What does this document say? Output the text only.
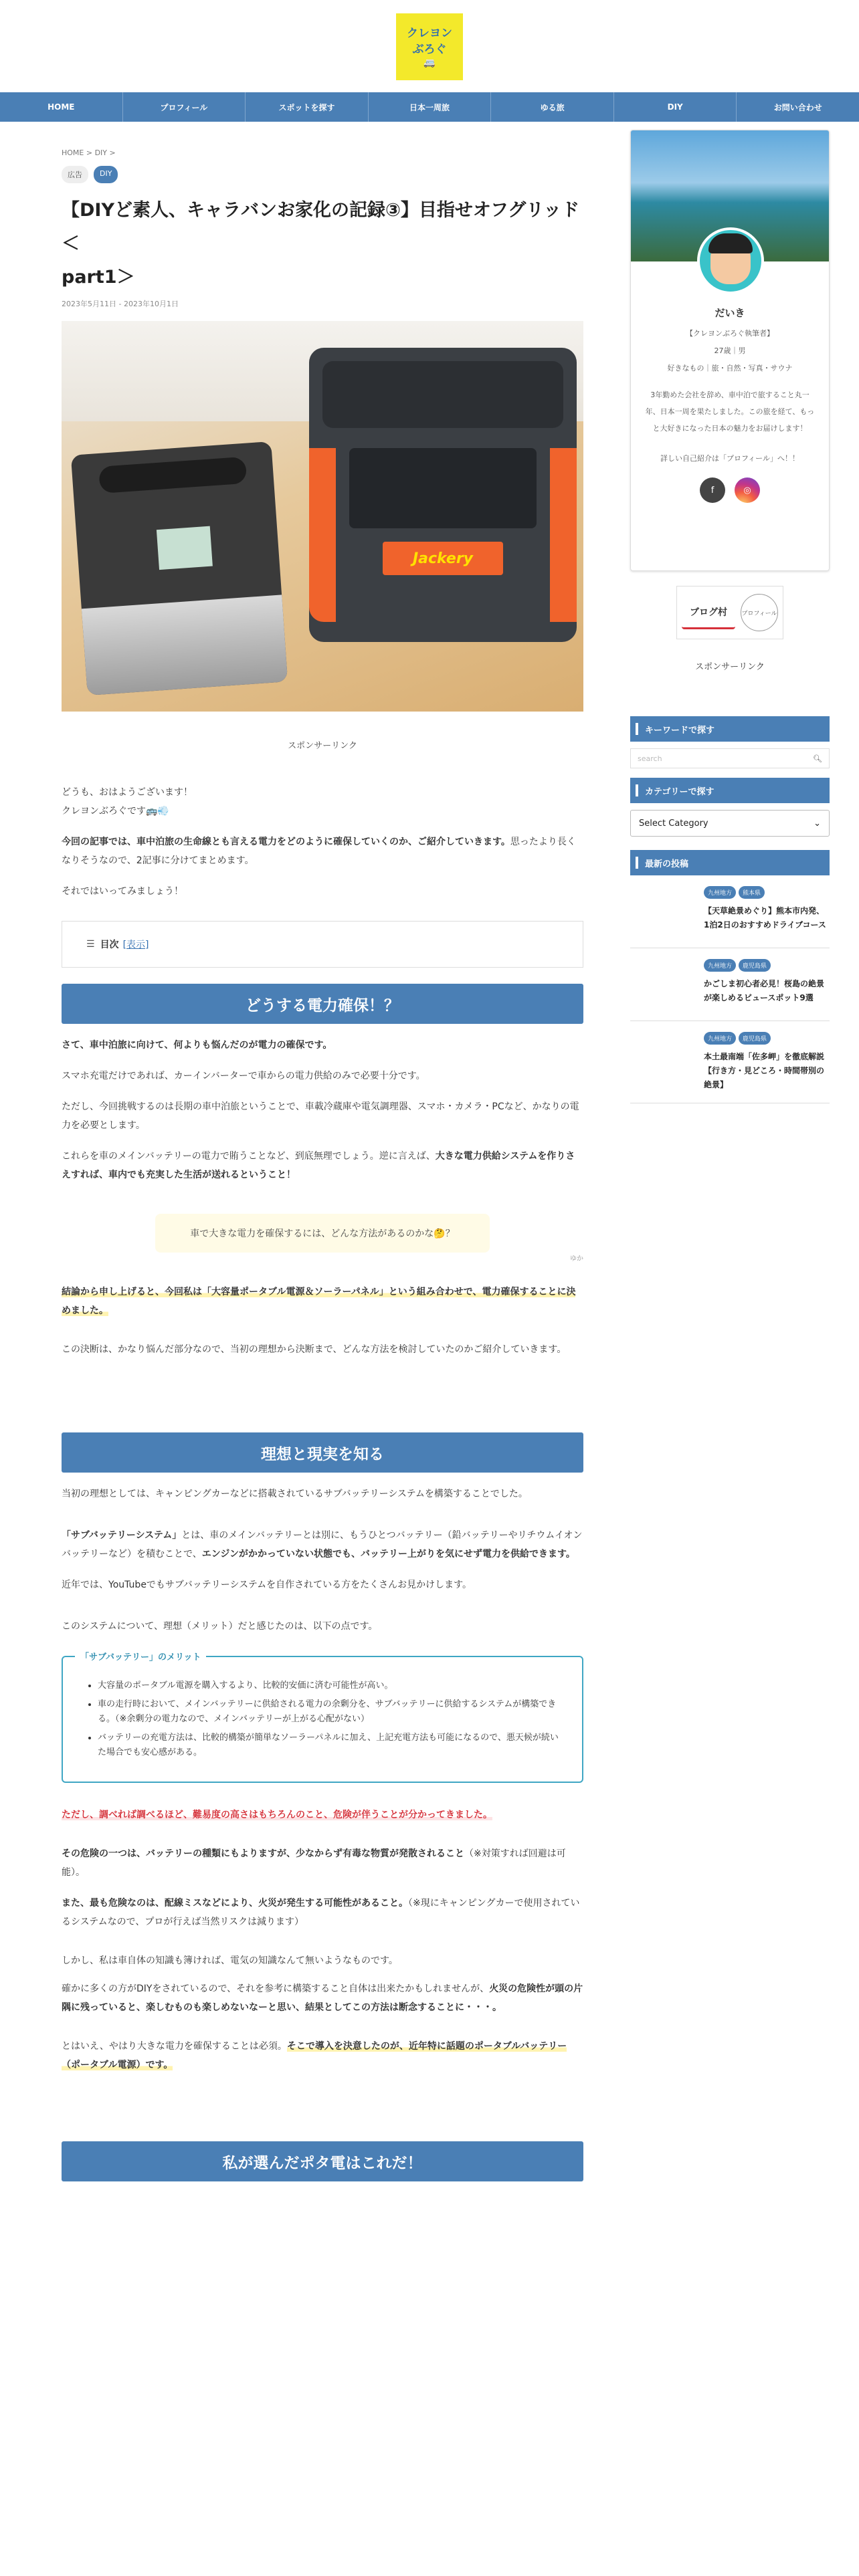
クレヨン
ぶろぐ
🚐
HOME	プロフィール	スポットを探す	日本一周旅	ゆる旅	DIY	お問い合わせ
HOME > DIY >
広告	DIY
【DIYど素人、キャラバンお家化の記録③】目指せオフグリッド＜
part1＞
2023年5月11日 - 2023年10月1日
Jackery
スポンサーリンク

どうも、おはようございます！

クレヨンぶろぐです🚌💨

今回の記事では、車中泊旅の生命線とも言える電力をどのように確保していくのか、ご紹介していきます。思ったより長くなりそうなので、2記事に分けてまとめます。

それではいってみましょう！

☰ 目次 [表示]
どうする電力確保！？

さて、車中泊旅に向けて、何よりも悩んだのが電力の確保です。

スマホ充電だけであれば、カーインバーターで車からの電力供給のみで必要十分です。

ただし、今回挑戦するのは長期の車中泊旅ということで、車載冷蔵庫や電気調理器、スマホ・カメラ・PCなど、かなりの電力を必要とします。

これらを車のメインバッテリーの電力で賄うことなど、到底無理でしょう。逆に言えば、大きな電力供給システムを作りさえすれば、車内でも充実した生活が送れるということ！

車で大きな電力を確保するには、どんな方法があるのかな🤔？
ゆか

結論から申し上げると、今回私は「大容量ポータブル電源＆ソーラーパネル」という組み合わせで、電力確保することに決めました。

この決断は、かなり悩んだ部分なので、当初の理想から決断まで、どんな方法を検討していたのかご紹介していきます。

理想と現実を知る

当初の理想としては、キャンピングカーなどに搭載されているサブバッテリーシステムを構築することでした。

「サブバッテリーシステム」とは、車のメインバッテリーとは別に、もうひとつバッテリー（鉛バッテリーやリチウムイオンバッテリーなど）を積むことで、エンジンがかかっていない状態でも、バッテリー上がりを気にせず電力を供給できます。

近年では、YouTubeでもサブバッテリーシステムを自作されている方をたくさんお見かけします。

このシステムについて、理想（メリット）だと感じたのは、以下の点です。

「サブバッテリー」のメリット
• 大容量のポータブル電源を購入するより、比較的安価に済む可能性が高い。
• 車の走行時において、メインバッテリーに供給される電力の余剰分を、サブバッテリーに供給するシステムが構築できる。（※余剰分の電力なので、メインバッテリーが上がる心配がない）
• バッテリーの充電方法は、比較的構築が簡単なソーラーパネルに加え、上記充電方法も可能になるので、悪天候が続いた場合でも安心感がある。

ただし、調べれば調べるほど、難易度の高さはもちろんのこと、危険が伴うことが分かってきました。

その危険の一つは、バッテリーの種類にもよりますが、少なからず有毒な物質が発散されること（※対策すれば回避は可能）。

また、最も危険なのは、配線ミスなどにより、火災が発生する可能性があること。（※現にキャンピングカーで使用されているシステムなので、プロが行えば当然リスクは減ります）

しかし、私は車自体の知識も簿ければ、電気の知識なんて無いようなものです。

確かに多くの方がDIYをされているので、それを参考に構築すること自体は出来たかもしれませんが、火災の危険性が頭の片隅に残っていると、楽しむものも楽しめないなーと思い、結果としてこの方法は断念することに・・・。

とはいえ、やはり大きな電力を確保することは必須。そこで導入を決意したのが、近年特に話題のポータブルバッテリー（ポータブル電源）です。

私が選んだポタ電はこれだ！
だいき
【クレヨンぶろぐ執筆者】
27歳｜男
好きなもの｜旅・自然・写真・サウナ
3年勤めた会社を辞め、車中泊で旅すること丸一年、日本一周を果たしました。この旅を経て、もっと大好きになった日本の魅力をお届けします！
詳しい自己紹介は「プロフィール」へ！！
f	◎
ブログ村	プロフィール
スポンサーリンク
キーワードで探す
search	🔍︎
カテゴリーで探す
Select Category	⌄
最新の投稿
九州地方	熊本県
【天草絶景めぐり】熊本市内発、1泊2日のおすすめドライブコース
九州地方	鹿児島県
かごしま初心者必見！桜島の絶景が楽しめるビュースポット9選
九州地方	鹿児島県
本土最南端「佐多岬」を徹底解説【行き方・見どころ・時間帯別の絶景】
